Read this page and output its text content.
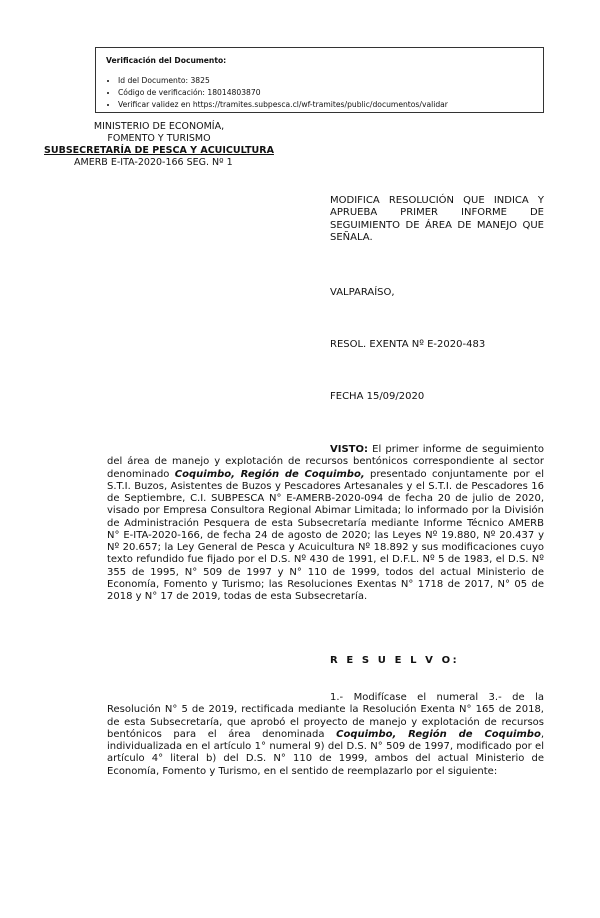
Verificación del Documento:
• Id del Documento: 3825
• Código de verificación: 18014803870
• Verificar validez en https://tramites.subpesca.cl/wf-tramites/public/documentos/validar
MINISTERIO DE ECONOMÍA,
FOMENTO Y TURISMO
SUBSECRETARÍA DE PESCA Y ACUICULTURA
AMERB E-ITA-2020-166 SEG. Nº 1
MODIFICA RESOLUCIÓN QUE INDICA Y APRUEBA PRIMER INFORME DE SEGUIMIENTO DE ÁREA DE MANEJO QUE SEÑALA.
VALPARAÍSO,
RESOL. EXENTA Nº E-2020-483
FECHA 15/09/2020
VISTO: El primer informe de seguimiento del área de manejo y explotación de recursos bentónicos correspondiente al sector denominado Coquimbo, Región de Coquimbo, presentado conjuntamente por el S.T.I. Buzos, Asistentes de Buzos y Pescadores Artesanales y el S.T.I. de Pescadores 16 de Septiembre, C.I. SUBPESCA N° E-AMERB-2020-094 de fecha 20 de julio de 2020, visado por Empresa Consultora Regional Abimar Limitada; lo informado por la División de Administración Pesquera de esta Subsecretaría mediante Informe Técnico AMERB N° E-ITA-2020-166, de fecha 24 de agosto de 2020; las Leyes Nº 19.880, Nº 20.437 y Nº 20.657; la Ley General de Pesca y Acuicultura Nº 18.892 y sus modificaciones cuyo texto refundido fue fijado por el D.S. Nº 430 de 1991, el D.F.L. Nº 5 de 1983, el D.S. Nº 355 de 1995, N° 509 de 1997 y N° 110 de 1999, todos del actual Ministerio de Economía, Fomento y Turismo; las Resoluciones Exentas N° 1718 de 2017, N° 05 de 2018 y N° 17 de 2019, todas de esta Subsecretaría.
R E S U E L V O:
1.- Modifícase el numeral 3.- de la Resolución N° 5 de 2019, rectificada mediante la Resolución Exenta N° 165 de 2018, de esta Subsecretaría, que aprobó el proyecto de manejo y explotación de recursos bentónicos para el área denominada Coquimbo, Región de Coquimbo, individualizada en el artículo 1° numeral 9) del D.S. N° 509 de 1997, modificado por el artículo 4° literal b) del D.S. N° 110 de 1999, ambos del actual Ministerio de Economía, Fomento y Turismo, en el sentido de reemplazarlo por el siguiente:
